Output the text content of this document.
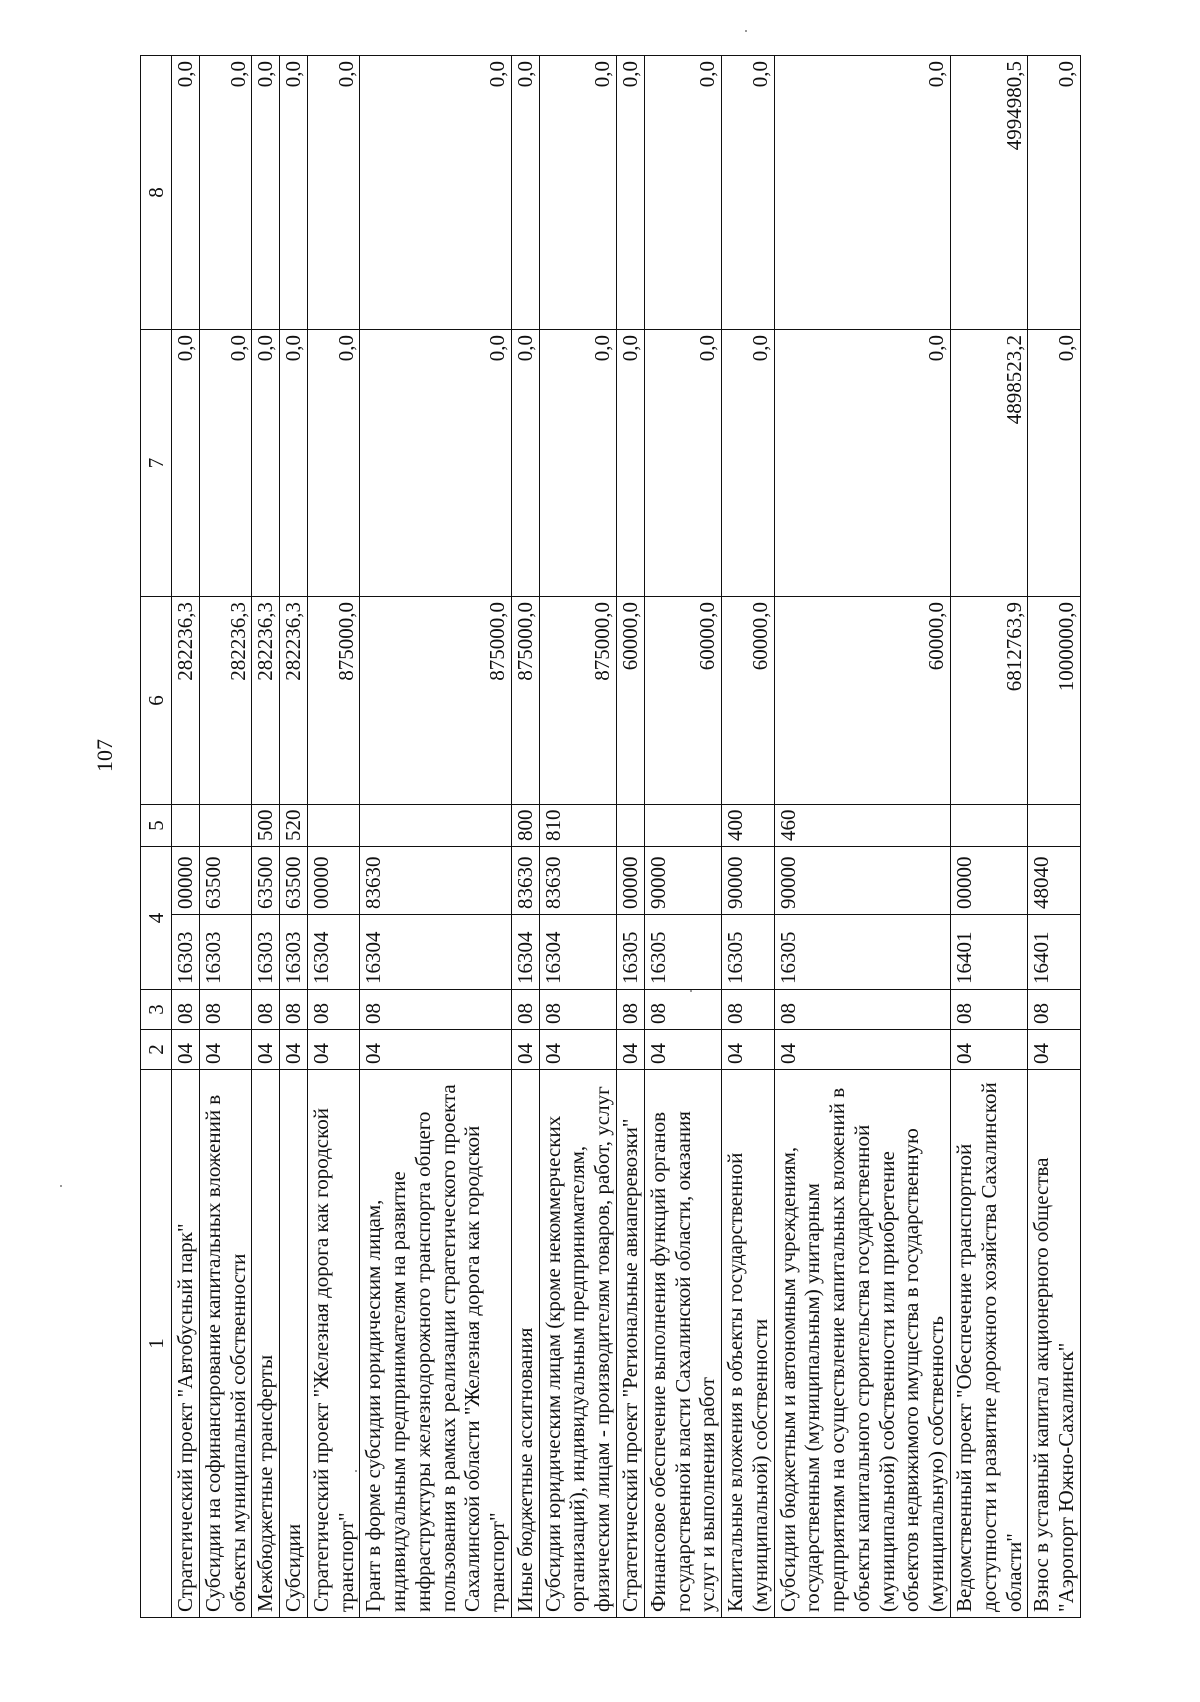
107
1	2	3	4		5	6	7	8
Стратегический проект "Автобусный парк"	04	08	16303	00000		282236,3	0,0	0,0
Субсидии на софинансирование капитальных вложений в объекты муниципальной собственности	04	08	16303	63500		282236,3	0,0	0,0
Межбюджетные трансферты	04	08	16303	63500	500	282236,3	0,0	0,0
Субсидии	04	08	16303	63500	520	282236,3	0,0	0,0
Стратегический проект "Железная дорога как городской транспорт"	04	08	16304	00000		875000,0	0,0	0,0
Грант в форме субсидии юридическим лицам, индивидуальным предпринимателям на развитие инфраструктуры железнодорожного транспорта общего пользования в рамках реализации стратегического проекта Сахалинской области "Железная дорога как городской транспорт"	04	08	16304	83630		875000,0	0,0	0,0
Иные бюджетные ассигнования	04	08	16304	83630	800	875000,0	0,0	0,0
Субсидии юридическим лицам (кроме некоммерческих организаций), индивидуальным предпринимателям, физическим лицам - производителям товаров, работ, услуг	04	08	16304	83630	810	875000,0	0,0	0,0
Стратегический проект "Региональные авиаперевозки"	04	08	16305	00000		60000,0	0,0	0,0
Финансовое обеспечение выполнения функций органов государственной власти Сахалинской области, оказания услуг и выполнения работ	04	08	16305	90000		60000,0	0,0	0,0
Капитальные вложения в объекты государственной (муниципальной) собственности	04	08	16305	90000	400	60000,0	0,0	0,0
Субсидии бюджетным и автономным учреждениям, государственным (муниципальным) унитарным предприятиям на осуществление капитальных вложений в объекты капитального строительства государственной (муниципальной) собственности или приобретение объектов недвижимого имущества в государственную (муниципальную) собственность	04	08	16305	90000	460	60000,0	0,0	0,0
Ведомственный проект "Обеспечение транспортной доступности и развитие дорожного хозяйства Сахалинской области"	04	08	16401	00000		6812763,9	4898523,2	4994980,5
Взнос в уставный капитал акционерного общества "Аэропорт Южно-Сахалинск"	04	08	16401	48040		1000000,0	0,0	0,0
